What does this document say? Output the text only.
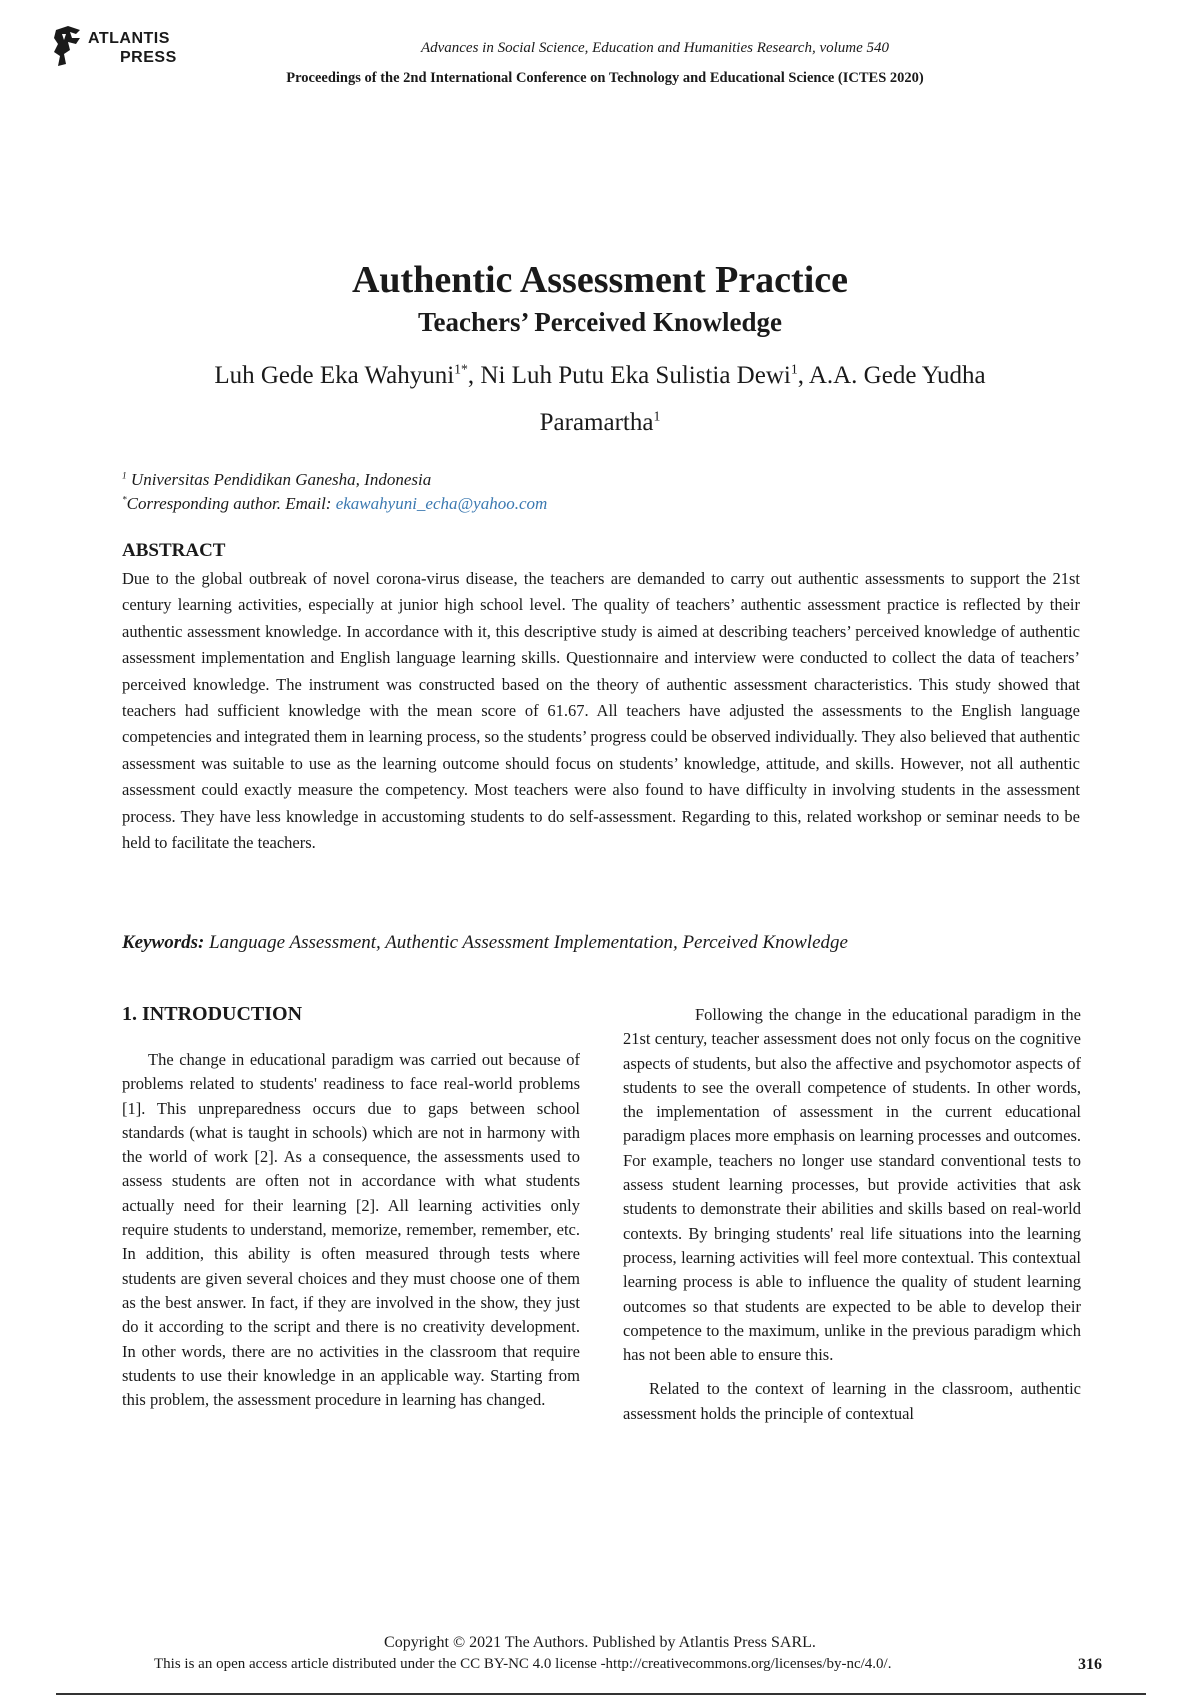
ATLANTIS
PRESS
Advances in Social Science, Education and Humanities Research, volume 540
Proceedings of the 2nd International Conference on Technology and Educational Science (ICTES 2020)
Authentic Assessment Practice
Teachers’ Perceived Knowledge
Luh Gede Eka Wahyuni$^{1*}$, Ni Luh Putu Eka Sulistia Dewi$^1$, A.A. Gede Yudha
Paramartha$^1$
$^1$ Universitas Pendidikan Ganesha, Indonesia
*Corresponding author. Email: ekawahyuni_echa@yahoo.com
ABSTRACT
Due to the global outbreak of novel corona-virus disease, the teachers are demanded to carry out authentic assessments to support the 21st century learning activities, especially at junior high school level. The quality of teachers’ authentic assessment practice is reflected by their authentic assessment knowledge. In accordance with it, this descriptive study is aimed at describing teachers’ perceived knowledge of authentic assessment implementation and English language learning skills. Questionnaire and interview were conducted to collect the data of teachers’ perceived knowledge. The instrument was constructed based on the theory of authentic assessment characteristics. This study showed that teachers had sufficient knowledge with the mean score of 61.67. All teachers have adjusted the assessments to the English language competencies and integrated them in learning process, so the students’ progress could be observed individually. They also believed that authentic assessment was suitable to use as the learning outcome should focus on students’ knowledge, attitude, and skills. However, not all authentic assessment could exactly measure the competency. Most teachers were also found to have difficulty in involving students in the assessment process. They have less knowledge in accustoming students to do self-assessment. Regarding to this, related workshop or seminar needs to be held to facilitate the teachers.
Keywords: Language Assessment, Authentic Assessment Implementation, Perceived Knowledge
1. INTRODUCTION

The change in educational paradigm was carried out because of problems related to students' readiness to face real-world problems [1]. This unpreparedness occurs due to gaps between school standards (what is taught in schools) which are not in harmony with the world of work [2]. As a consequence, the assessments used to assess students are often not in accordance with what students actually need for their learning [2]. All learning activities only require students to understand, memorize, remember, remember, etc. In addition, this ability is often measured through tests where students are given several choices and they must choose one of them as the best answer. In fact, if they are involved in the show, they just do it according to the script and there is no creativity development. In other words, there are no activities in the classroom that require students to use their knowledge in an applicable way. Starting from this problem, the assessment procedure in learning has changed.

Following the change in the educational paradigm in the 21st century, teacher assessment does not only focus on the cognitive aspects of students, but also the affective and psychomotor aspects of students to see the overall competence of students. In other words, the implementation of assessment in the current educational paradigm places more emphasis on learning processes and outcomes. For example, teachers no longer use standard conventional tests to assess student learning processes, but provide activities that ask students to demonstrate their abilities and skills based on real-world contexts. By bringing students' real life situations into the learning process, learning activities will feel more contextual. This contextual learning process is able to influence the quality of student learning outcomes so that students are expected to be able to develop their competence to the maximum, unlike in the previous paradigm which has not been able to ensure this.

Related to the context of learning in the classroom, authentic assessment holds the principle of contextual

Copyright © 2021 The Authors. Published by Atlantis Press SARL.
This is an open access article distributed under the CC BY-NC 4.0 license -http://creativecommons.org/licenses/by-nc/4.0/.	316
